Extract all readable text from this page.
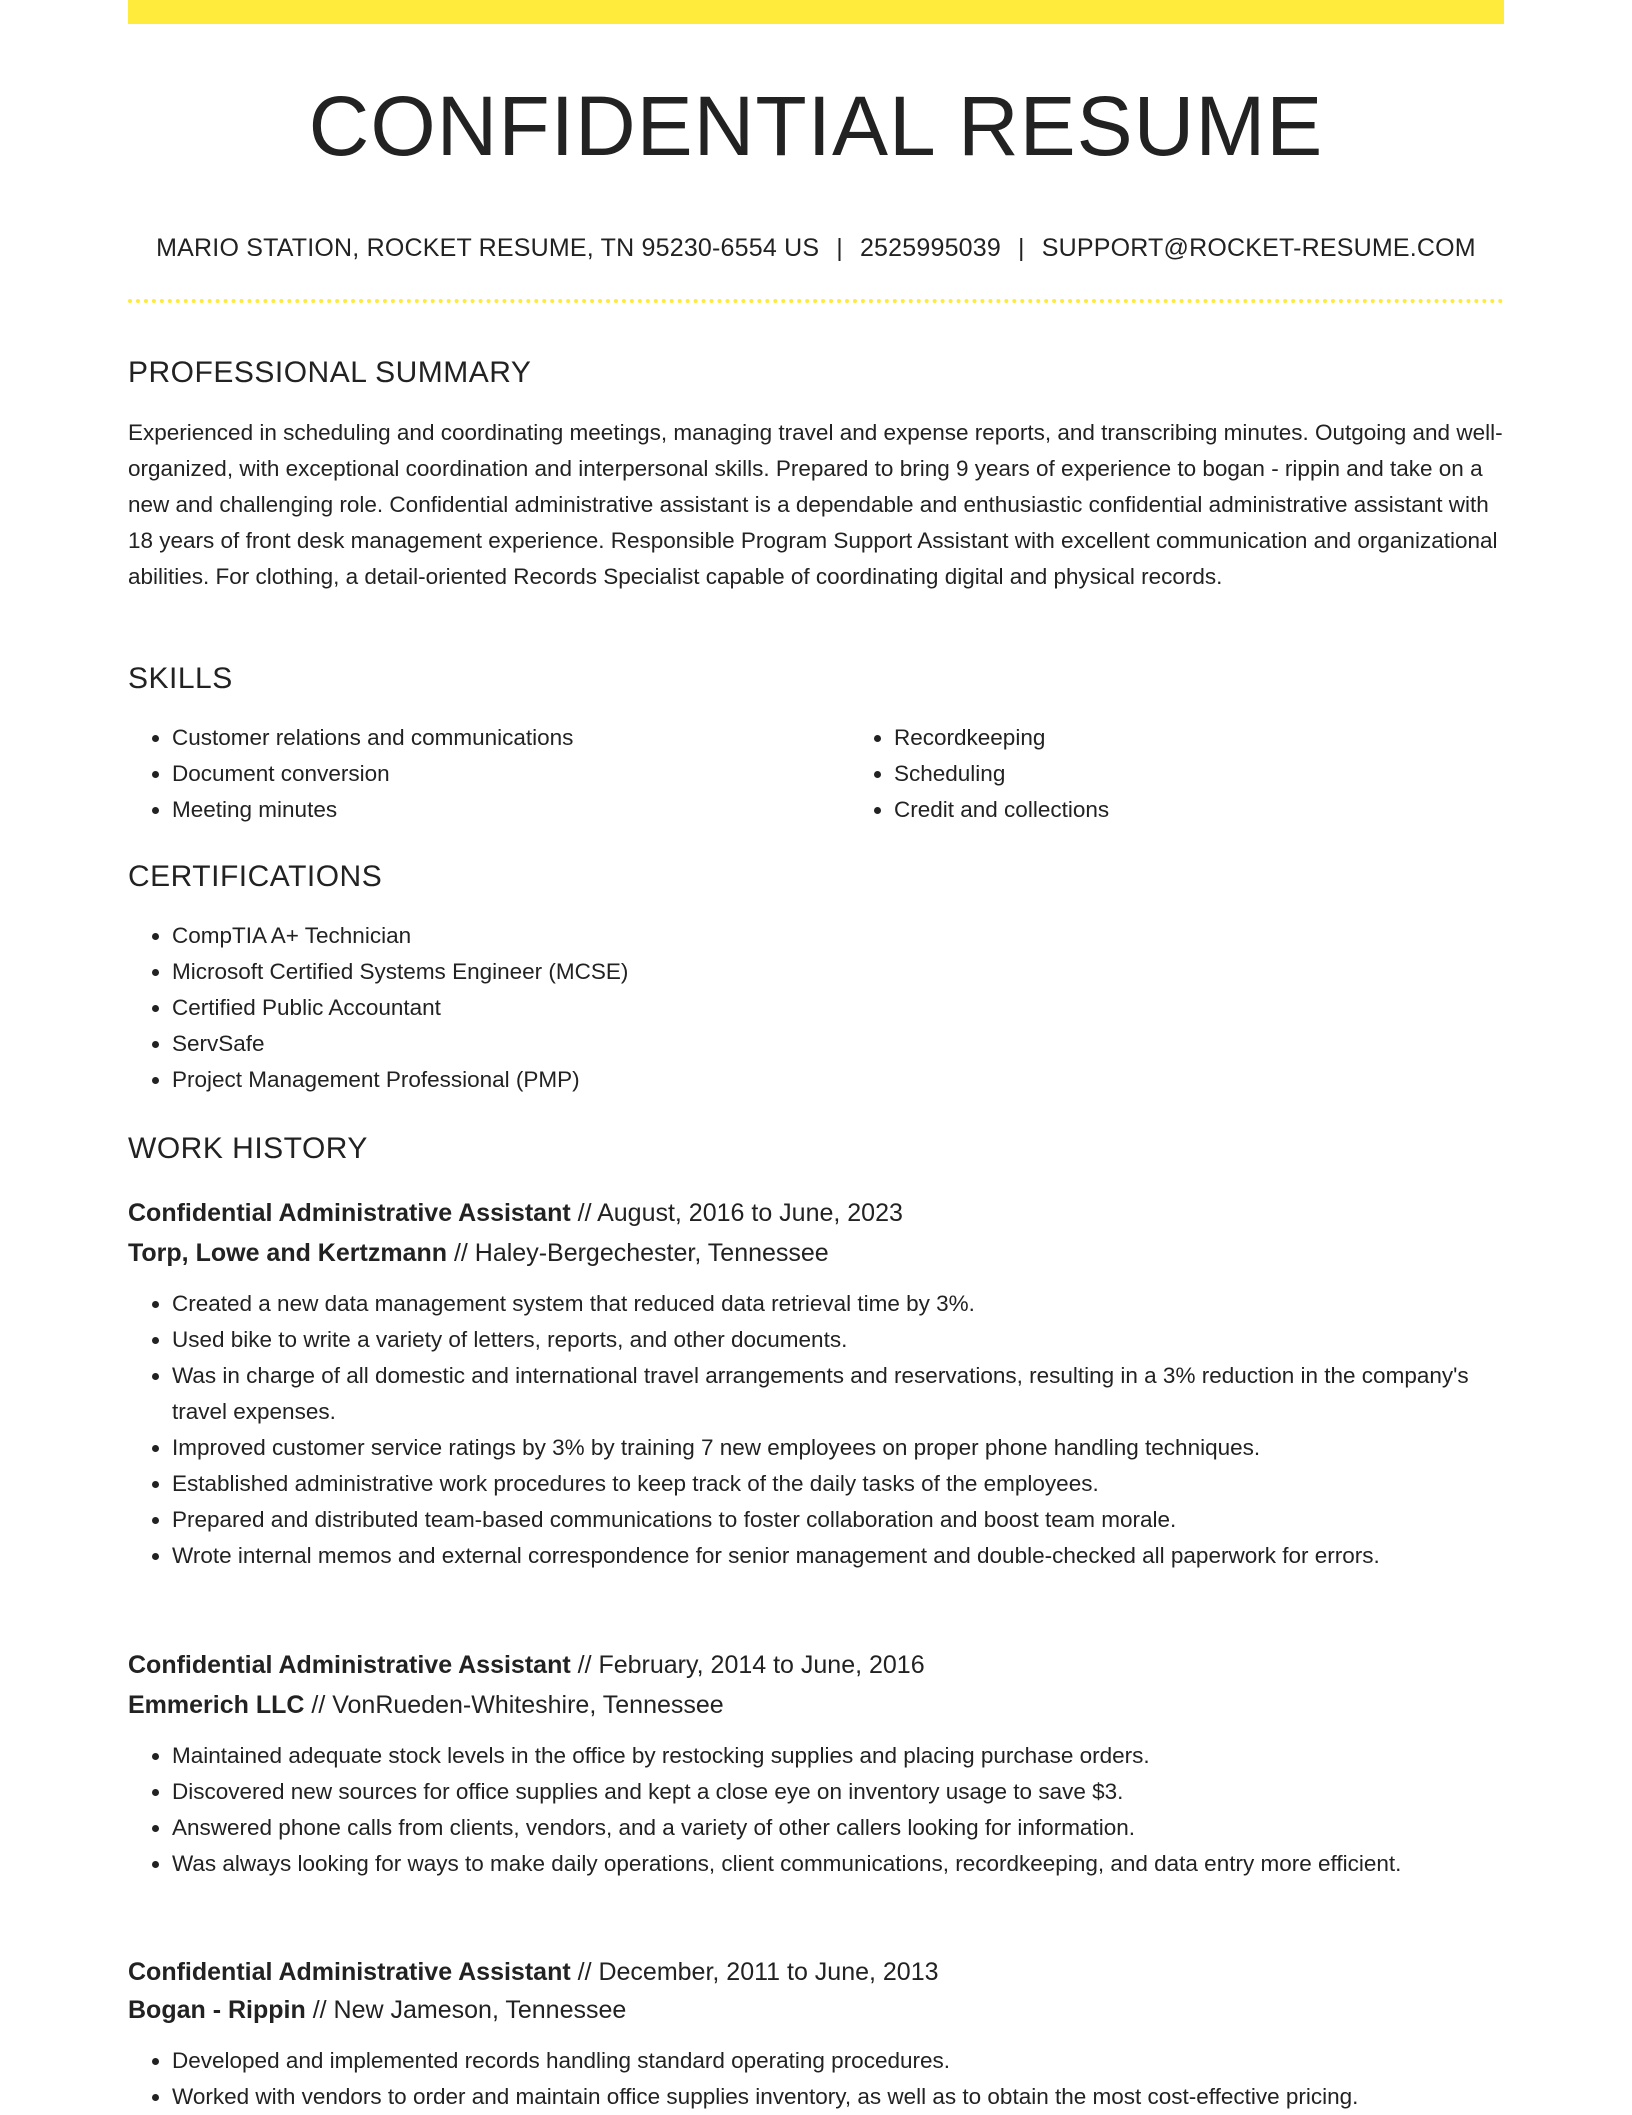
CONFIDENTIAL RESUME
MARIO STATION, ROCKET RESUME, TN 95230-6554 US | 2525995039 | SUPPORT@ROCKET-RESUME.COM
PROFESSIONAL SUMMARY

Experienced in scheduling and coordinating meetings, managing travel and expense reports, and transcribing minutes. Outgoing and well-organized, with exceptional coordination and interpersonal skills. Prepared to bring 9 years of experience to bogan - rippin and take on a new and challenging role. Confidential administrative assistant is a dependable and enthusiastic confidential administrative assistant with 18 years of front desk management experience. Responsible Program Support Assistant with excellent communication and organizational abilities. For clothing, a detail-oriented Records Specialist capable of coordinating digital and physical records.

SKILLS
• Customer relations and communications
• Document conversion
• Meeting minutes
• Recordkeeping
• Scheduling
• Credit and collections
CERTIFICATIONS
• CompTIA A+ Technician
• Microsoft Certified Systems Engineer (MCSE)
• Certified Public Accountant
• ServSafe
• Project Management Professional (PMP)
WORK HISTORY
Confidential Administrative Assistant // August, 2016 to June, 2023
Torp, Lowe and Kertzmann // Haley-Bergechester, Tennessee
• Created a new data management system that reduced data retrieval time by 3%.
• Used bike to write a variety of letters, reports, and other documents.
• Was in charge of all domestic and international travel arrangements and reservations, resulting in a 3% reduction in the company's travel expenses.
• Improved customer service ratings by 3% by training 7 new employees on proper phone handling techniques.
• Established administrative work procedures to keep track of the daily tasks of the employees.
• Prepared and distributed team-based communications to foster collaboration and boost team morale.
• Wrote internal memos and external correspondence for senior management and double-checked all paperwork for errors.
Confidential Administrative Assistant // February, 2014 to June, 2016
Emmerich LLC // VonRueden-Whiteshire, Tennessee
• Maintained adequate stock levels in the office by restocking supplies and placing purchase orders.
• Discovered new sources for office supplies and kept a close eye on inventory usage to save $3.
• Answered phone calls from clients, vendors, and a variety of other callers looking for information.
• Was always looking for ways to make daily operations, client communications, recordkeeping, and data entry more efficient.
Confidential Administrative Assistant // December, 2011 to June, 2013
Bogan - Rippin // New Jameson, Tennessee
• Developed and implemented records handling standard operating procedures.
• Worked with vendors to order and maintain office supplies inventory, as well as to obtain the most cost-effective pricing.
